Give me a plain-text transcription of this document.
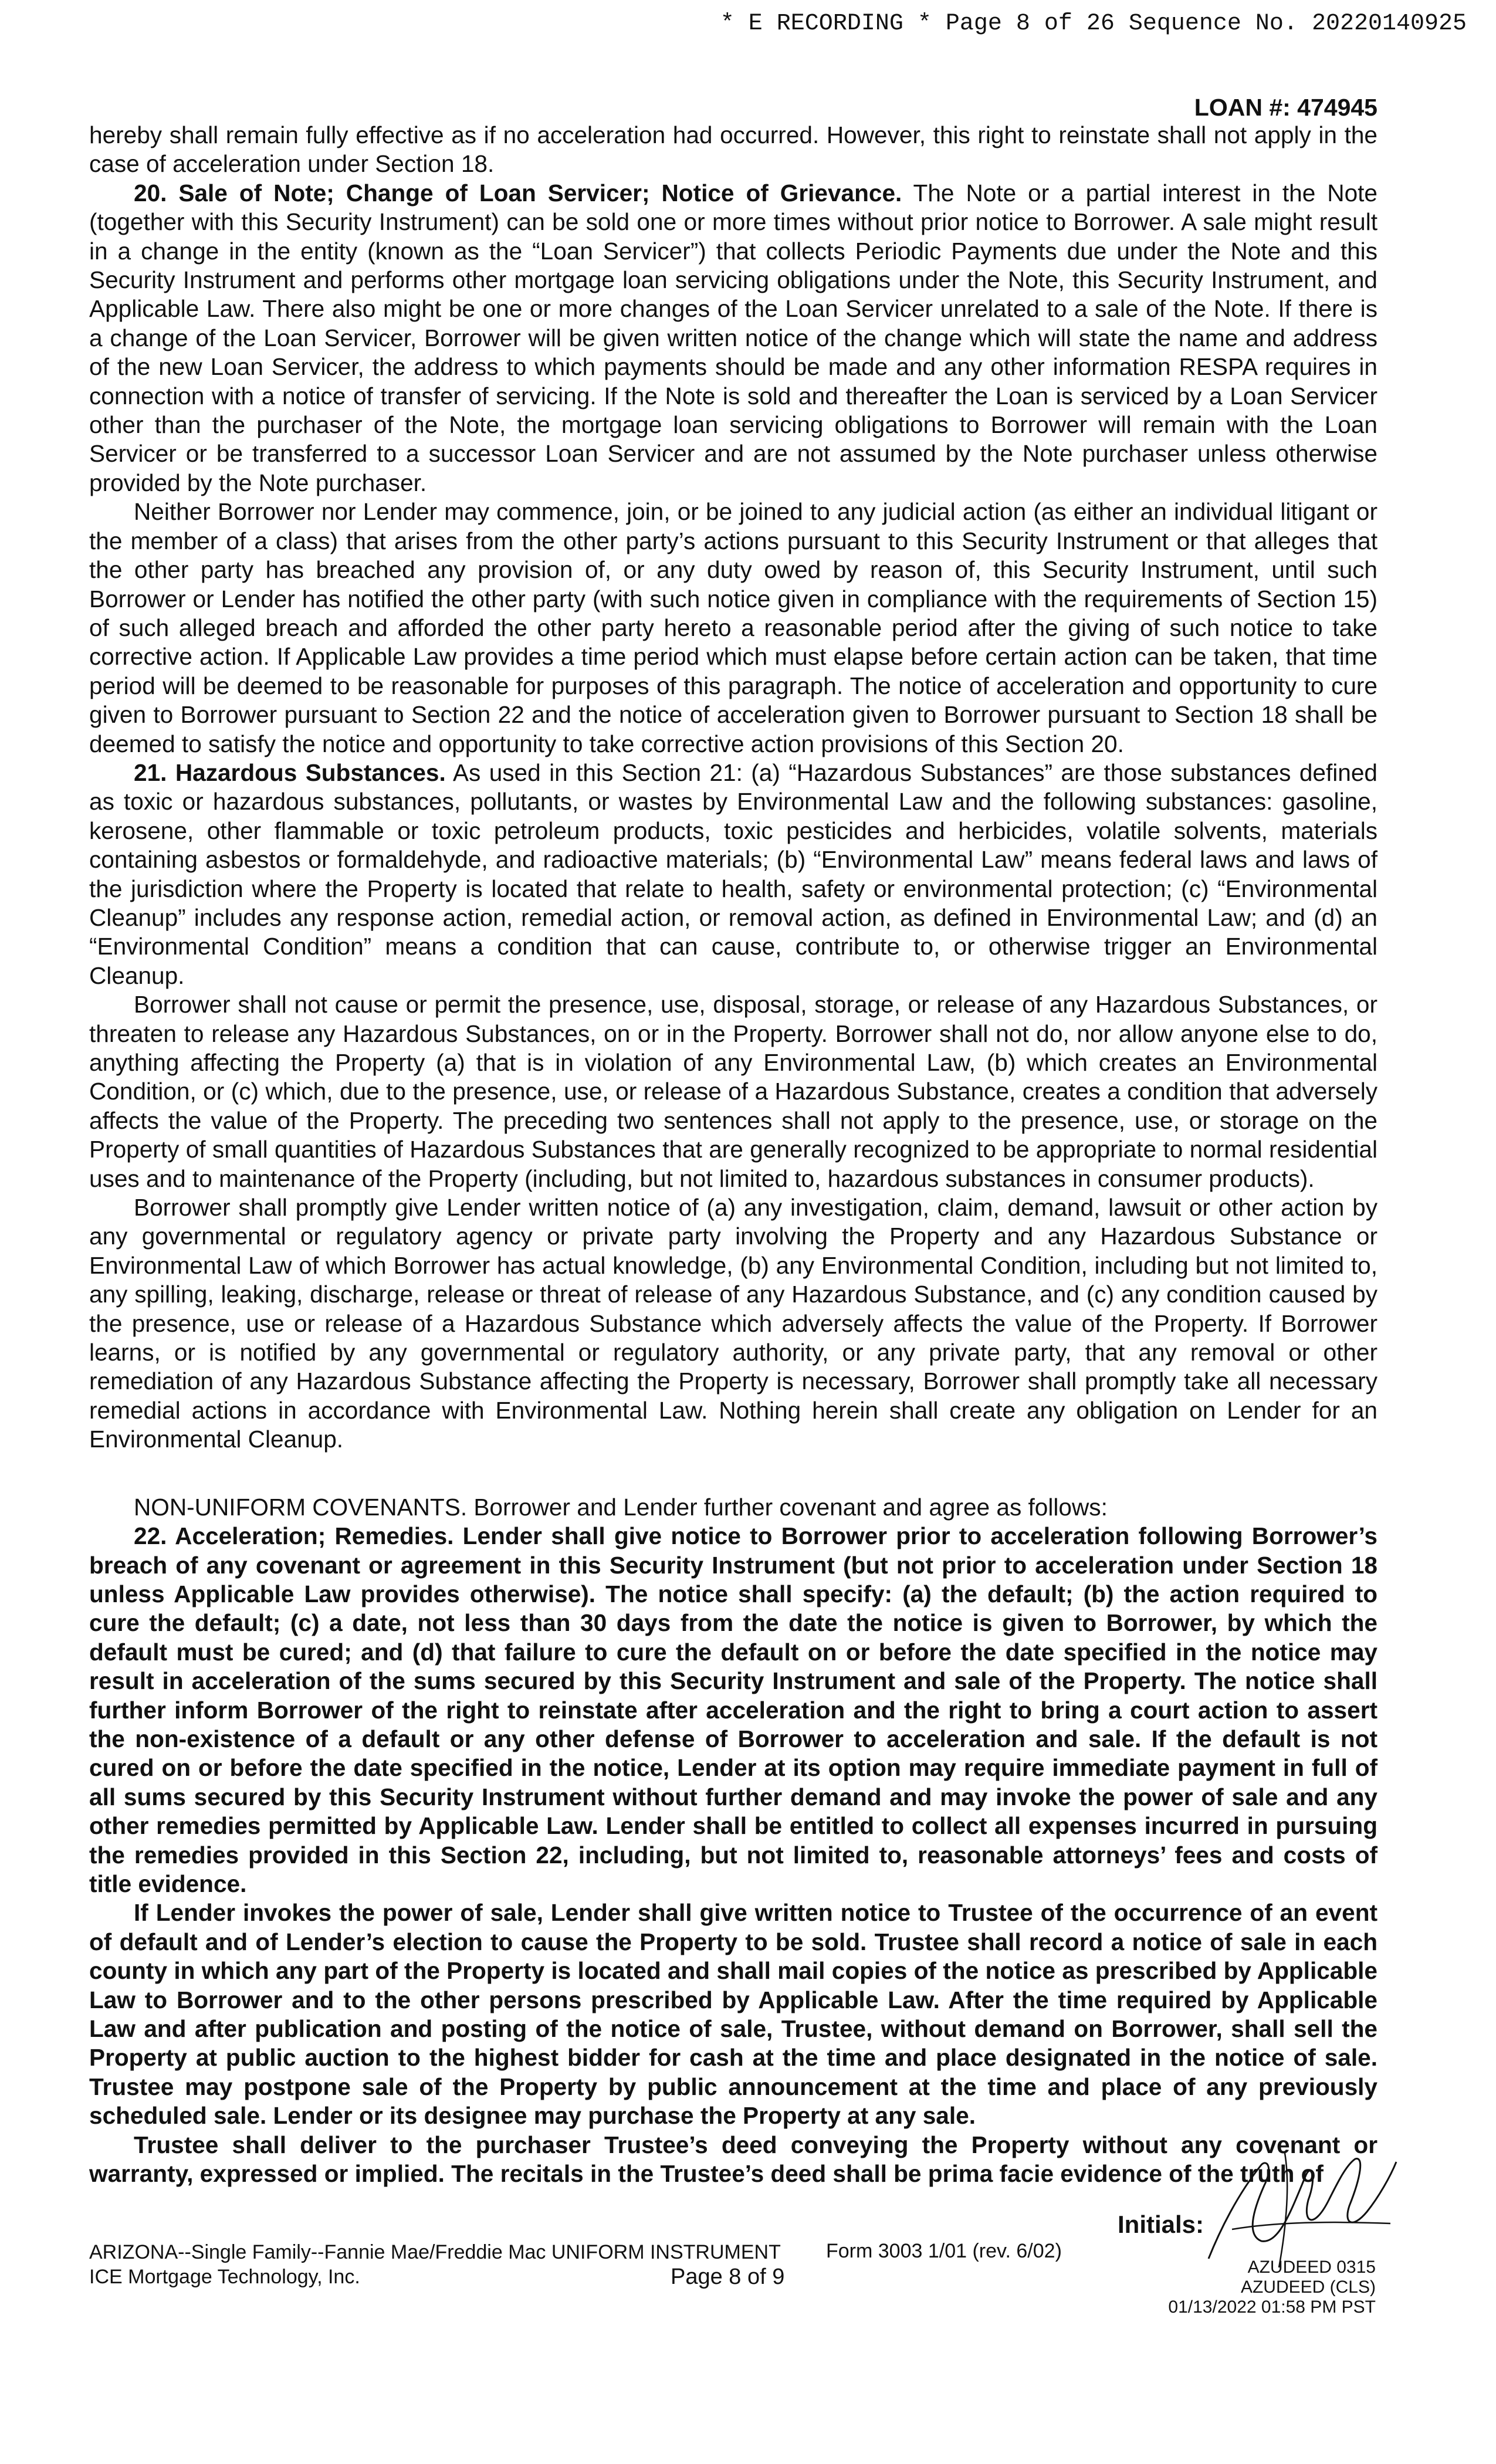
* E RECORDING * Page 8 of 26 Sequence No. 20220140925
LOAN #: 474945

hereby shall remain fully effective as if no acceleration had occurred. However, this right to reinstate shall not apply in the case of acceleration under Section 18.

20. Sale of Note; Change of Loan Servicer; Notice of Grievance. The Note or a partial interest in the Note (together with this Security Instrument) can be sold one or more times without prior notice to Borrower. A sale might result in a change in the entity (known as the “Loan Servicer”) that collects Periodic Payments due under the Note and this Security Instrument and performs other mortgage loan servicing obligations under the Note, this Security Instrument, and Applicable Law. There also might be one or more changes of the Loan Servicer unrelated to a sale of the Note. If there is a change of the Loan Servicer, Borrower will be given written notice of the change which will state the name and address of the new Loan Servicer, the address to which payments should be made and any other information RESPA requires in connection with a notice of transfer of servicing. If the Note is sold and thereafter the Loan is serviced by a Loan Servicer other than the purchaser of the Note, the mortgage loan servicing obligations to Borrower will remain with the Loan Servicer or be transferred to a successor Loan Servicer and are not assumed by the Note purchaser unless otherwise provided by the Note purchaser.

Neither Borrower nor Lender may commence, join, or be joined to any judicial action (as either an individual litigant or the member of a class) that arises from the other party’s actions pursuant to this Security Instrument or that alleges that the other party has breached any provision of, or any duty owed by reason of, this Security Instrument, until such Borrower or Lender has notified the other party (with such notice given in compliance with the requirements of Section 15) of such alleged breach and afforded the other party hereto a reasonable period after the giving of such notice to take corrective action. If Applicable Law provides a time period which must elapse before certain action can be taken, that time period will be deemed to be reasonable for purposes of this paragraph. The notice of acceleration and opportunity to cure given to Borrower pursuant to Section 22 and the notice of acceleration given to Borrower pursuant to Section 18 shall be deemed to satisfy the notice and opportunity to take corrective action provisions of this Section 20.

21. Hazardous Substances. As used in this Section 21: (a) “Hazardous Substances” are those substances defined as toxic or hazardous substances, pollutants, or wastes by Environmental Law and the following substances: gasoline, kerosene, other flammable or toxic petroleum products, toxic pesticides and herbicides, volatile solvents, materials containing asbestos or formaldehyde, and radioactive materials; (b) “Environmental Law” means federal laws and laws of the jurisdiction where the Property is located that relate to health, safety or environmental protection; (c) “Environmental Cleanup” includes any response action, remedial action, or removal action, as defined in Environmental Law; and (d) an “Environmental Condition” means a condition that can cause, contribute to, or otherwise trigger an Environmental Cleanup.

Borrower shall not cause or permit the presence, use, disposal, storage, or release of any Hazardous Substances, or threaten to release any Hazardous Substances, on or in the Property. Borrower shall not do, nor allow anyone else to do, anything affecting the Property (a) that is in violation of any Environmental Law, (b) which creates an Environmental Condition, or (c) which, due to the presence, use, or release of a Hazardous Substance, creates a condition that adversely affects the value of the Property. The preceding two sentences shall not apply to the presence, use, or storage on the Property of small quantities of Hazardous Substances that are generally recognized to be appropriate to normal residential uses and to maintenance of the Property (including, but not limited to, hazardous substances in consumer products).

Borrower shall promptly give Lender written notice of (a) any investigation, claim, demand, lawsuit or other action by any governmental or regulatory agency or private party involving the Property and any Hazardous Substance or Environmental Law of which Borrower has actual knowledge, (b) any Environmental Condition, including but not limited to, any spilling, leaking, discharge, release or threat of release of any Hazardous Substance, and (c) any condition caused by the presence, use or release of a Hazardous Substance which adversely affects the value of the Property. If Borrower learns, or is notified by any governmental or regulatory authority, or any private party, that any removal or other remediation of any Hazardous Substance affecting the Property is necessary, Borrower shall promptly take all necessary remedial actions in accordance with Environmental Law. Nothing herein shall create any obligation on Lender for an Environmental Cleanup.

NON-UNIFORM COVENANTS. Borrower and Lender further covenant and agree as follows:

22. Acceleration; Remedies. Lender shall give notice to Borrower prior to acceleration following Borrower’s breach of any covenant or agreement in this Security Instrument (but not prior to acceleration under Section 18 unless Applicable Law provides otherwise). The notice shall specify: (a) the default; (b) the action required to cure the default; (c) a date, not less than 30 days from the date the notice is given to Borrower, by which the default must be cured; and (d) that failure to cure the default on or before the date specified in the notice may result in acceleration of the sums secured by this Security Instrument and sale of the Property. The notice shall further inform Borrower of the right to reinstate after acceleration and the right to bring a court action to assert the non-existence of a default or any other defense of Borrower to acceleration and sale. If the default is not cured on or before the date specified in the notice, Lender at its option may require immediate payment in full of all sums secured by this Security Instrument without further demand and may invoke the power of sale and any other remedies permitted by Applicable Law. Lender shall be entitled to collect all expenses incurred in pursuing the remedies provided in this Section 22, including, but not limited to, reasonable attorneys’ fees and costs of title evidence.

If Lender invokes the power of sale, Lender shall give written notice to Trustee of the occurrence of an event of default and of Lender’s election to cause the Property to be sold. Trustee shall record a notice of sale in each county in which any part of the Property is located and shall mail copies of the notice as prescribed by Applicable Law to Borrower and to the other persons prescribed by Applicable Law. After the time required by Applicable Law and after publication and posting of the notice of sale, Trustee, without demand on Borrower, shall sell the Property at public auction to the highest bidder for cash at the time and place designated in the notice of sale. Trustee may postpone sale of the Property by public announcement at the time and place of any previously scheduled sale. Lender or its designee may purchase the Property at any sale.

Trustee shall deliver to the purchaser Trustee’s deed conveying the Property without any covenant or warranty, expressed or implied. The recitals in the Trustee’s deed shall be prima facie evidence of the truth of

ARIZONA--Single Family--Fannie Mae/Freddie Mac UNIFORM INSTRUMENT
ICE Mortgage Technology, Inc.
Form 3003 1/01 (rev. 6/02)
Page 8 of 9
Initials:
AZUDEED 0315
AZUDEED (CLS)
01/13/2022 01:58 PM PST
